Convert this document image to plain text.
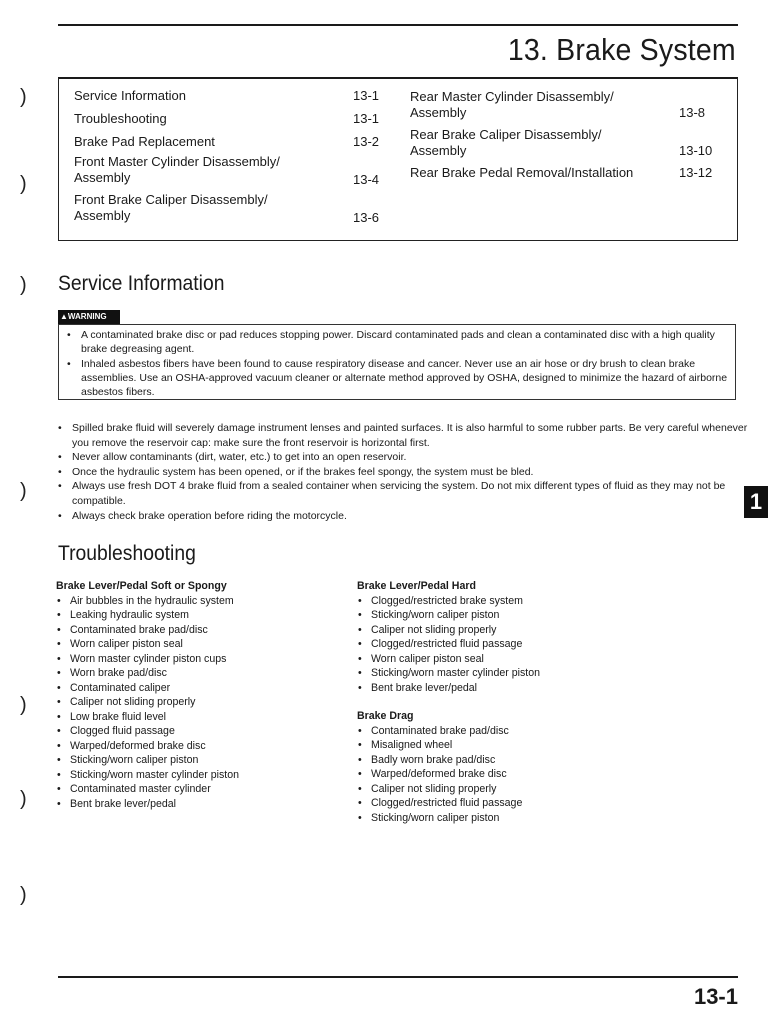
13. Brake System
Service Information	13-1
Troubleshooting	13-1
Brake Pad Replacement	13-2
Front Master Cylinder Disassembly/
Assembly	13-4
Front Brake Caliper Disassembly/
Assembly	13-6
Rear Master Cylinder Disassembly/
Assembly	13-8
Rear Brake Caliper Disassembly/
Assembly	13-10
Rear Brake Pedal Removal/Installation	13-12
)
)
)
)
)
)
)
Service Information
▲WARNING
• A contaminated brake disc or pad reduces stopping power. Discard contaminated pads and clean a contaminated disc with a high quality brake degreasing agent.
• Inhaled asbestos fibers have been found to cause respiratory disease and cancer. Never use an air hose or dry brush to clean brake assemblies. Use an OSHA-approved vacuum cleaner or alternate method approved by OSHA, designed to minimize the hazard of airborne asbestos fibers.
• Spilled brake fluid will severely damage instrument lenses and painted surfaces. It is also harmful to some rubber parts. Be very careful whenever you remove the reservoir cap: make sure the front reservoir is horizontal first.
• Never allow contaminants (dirt, water, etc.) to get into an open reservoir.
• Once the hydraulic system has been opened, or if the brakes feel spongy, the system must be bled.
• Always use fresh DOT 4 brake fluid from a sealed container when servicing the system. Do not mix different types of fluid as they may not be compatible.
• Always check brake operation before riding the motorcycle.
1
Troubleshooting

Brake Lever/Pedal Soft or Spongy

• Air bubbles in the hydraulic system
• Leaking hydraulic system
• Contaminated brake pad/disc
• Worn caliper piston seal
• Worn master cylinder piston cups
• Worn brake pad/disc
• Contaminated caliper
• Caliper not sliding properly
• Low brake fluid level
• Clogged fluid passage
• Warped/deformed brake disc
• Sticking/worn caliper piston
• Sticking/worn master cylinder piston
• Contaminated master cylinder
• Bent brake lever/pedal

Brake Lever/Pedal Hard

• Clogged/restricted brake system
• Sticking/worn caliper piston
• Caliper not sliding properly
• Clogged/restricted fluid passage
• Worn caliper piston seal
• Sticking/worn master cylinder piston
• Bent brake lever/pedal

Brake Drag

• Contaminated brake pad/disc
• Misaligned wheel
• Badly worn brake pad/disc
• Warped/deformed brake disc
• Caliper not sliding properly
• Clogged/restricted fluid passage
• Sticking/worn caliper piston
13-1
